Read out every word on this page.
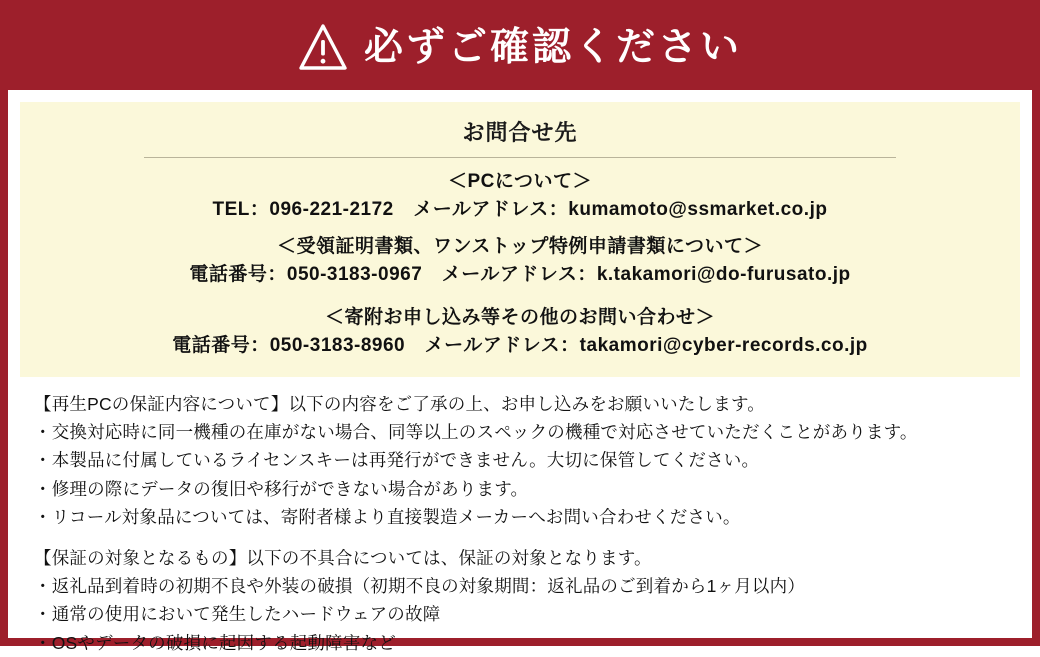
必ずご確認ください
お問合せ先
＜PCについて＞
TEL：096-221-2172　メールアドレス：kumamoto@ssmarket.co.jp
＜受領証明書類、ワンストップ特例申請書類について＞
電話番号：050-3183-0967　メールアドレス：k.takamori@do-furusato.jp
＜寄附お申し込み等その他のお問い合わせ＞
電話番号：050-3183-8960　メールアドレス：takamori@cyber-records.co.jp
【再生PCの保証内容について】以下の内容をご了承の上、お申し込みをお願いいたします。
・交換対応時に同一機種の在庫がない場合、同等以上のスペックの機種で対応させていただくことがあります。
・本製品に付属しているライセンスキーは再発行ができません。大切に保管してください。
・修理の際にデータの復旧や移行ができない場合があります。
・リコール対象品については、寄附者様より直接製造メーカーへお問い合わせください。
【保証の対象となるもの】以下の不具合については、保証の対象となります。
・返礼品到着時の初期不良や外装の破損（初期不良の対象期間：返礼品のご到着から1ヶ月以内）
・通常の使用において発生したハードウェアの故障
・OSやデータの破損に起因する起動障害など
